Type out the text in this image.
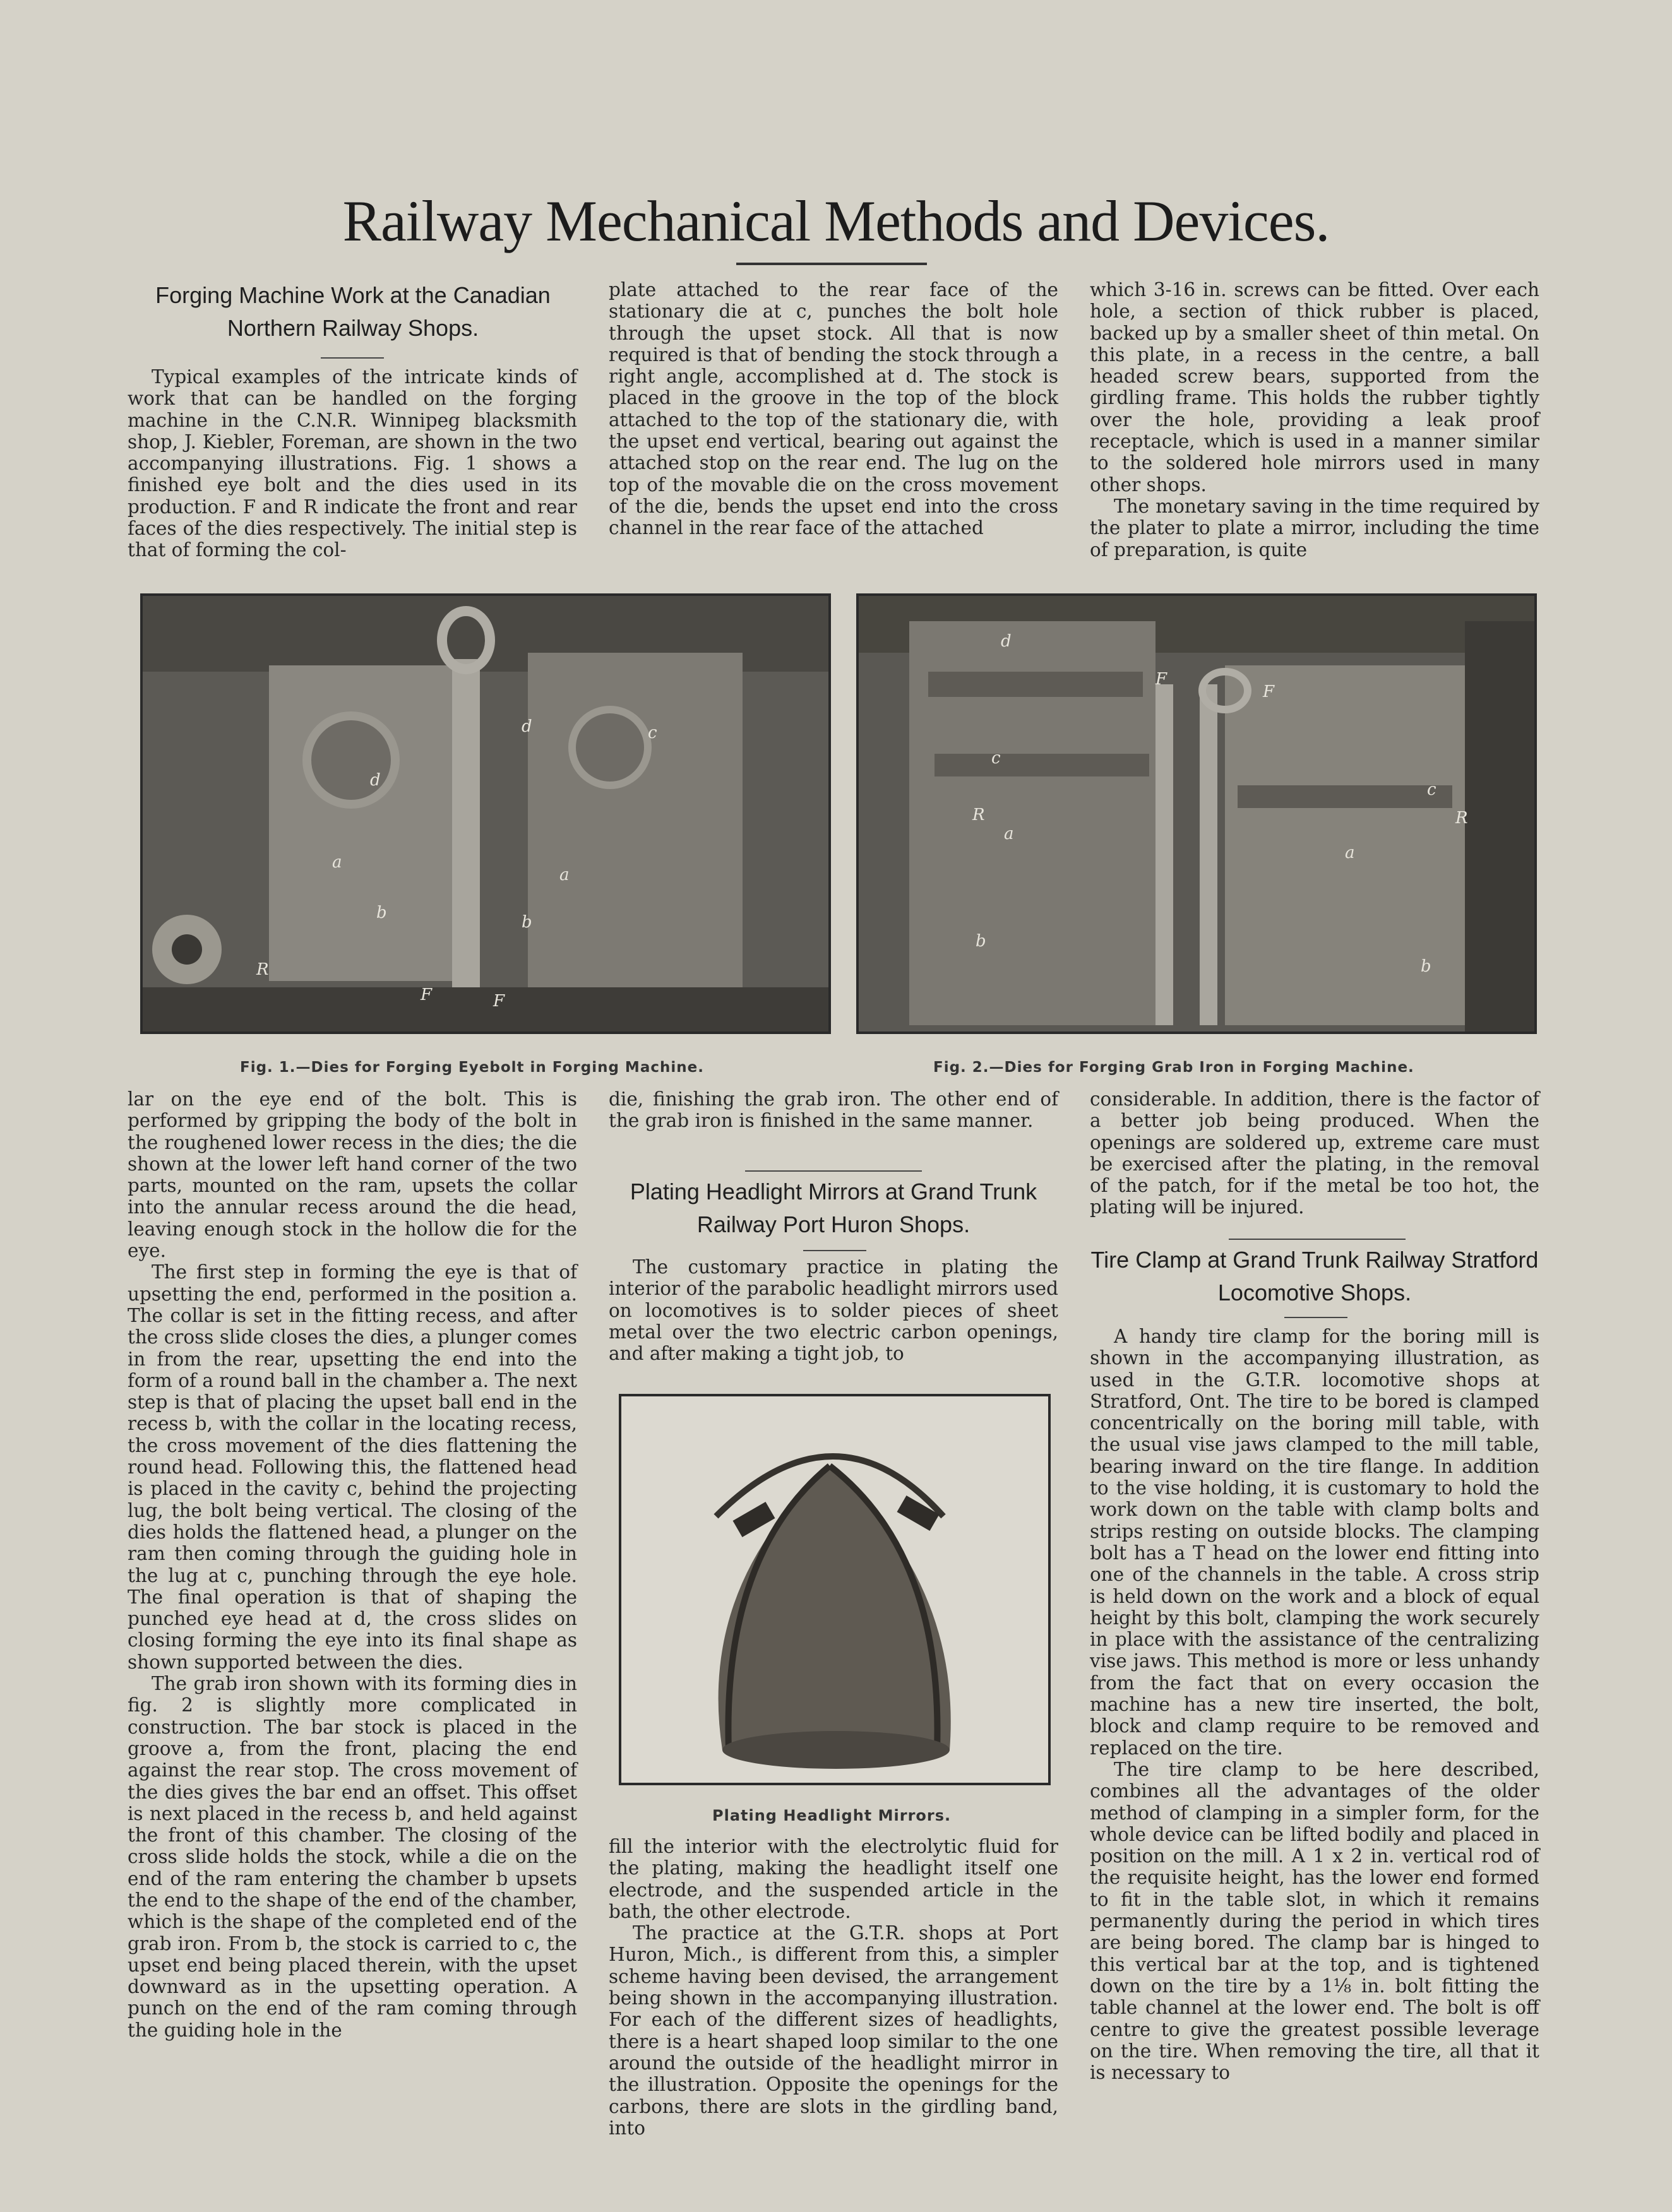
Railway Mechanical Methods and Devices.
Forging Machine Work at the Canadian Northern Railway Shops.

Typical examples of the intricate kinds of work that can be handled on the forging machine in the C.N.R. Winnipeg blacksmith shop, J. Kiebler, Foreman, are shown in the two accompanying illustrations. Fig. 1 shows a finished eye bolt and the dies used in its production. F and R indicate the front and rear faces of the dies respectively. The initial step is that of forming the col-

plate attached to the rear face of the stationary die at c, punches the bolt hole through the upset stock. All that is now required is that of bending the stock through a right angle, accomplished at d. The stock is placed in the groove in the top of the block attached to the top of the stationary die, with the upset end vertical, bearing out against the attached stop on the rear end. The lug on the top of the movable die on the cross movement of the die, bends the upset end into the cross channel in the rear face of the attached

which 3-16 in. screws can be fitted. Over each hole, a section of thick rubber is placed, backed up by a smaller sheet of thin metal. On this plate, in a recess in the centre, a ball headed screw bears, supported from the girdling frame. This holds the rubber tightly over the hole, providing a leak proof receptacle, which is used in a manner similar to the soldered hole mirrors used in many other shops.

The monetary saving in the time required by the plater to plate a mirror, including the time of preparation, is quite

d	c
d
a
a
b	b
R
F	F
d
F
F
c
c
R	R
a
a
b
b
Fig. 1.—Dies for Forging Eyebolt in Forging Machine.	Fig. 2.—Dies for Forging Grab Iron in Forging Machine.

lar on the eye end of the bolt. This is performed by gripping the body of the bolt in the roughened lower recess in the dies; the die shown at the lower left hand corner of the two parts, mounted on the ram, upsets the collar into the annular recess around the die head, leaving enough stock in the hollow die for the eye.

The first step in forming the eye is that of upsetting the end, performed in the position a. The collar is set in the fitting recess, and after the cross slide closes the dies, a plunger comes in from the rear, upsetting the end into the form of a round ball in the chamber a. The next step is that of placing the upset ball end in the recess b, with the collar in the locating recess, the cross movement of the dies flattening the round head. Following this, the flattened head is placed in the cavity c, behind the projecting lug, the bolt being vertical. The closing of the dies holds the flattened head, a plunger on the ram then coming through the guiding hole in the lug at c, punching through the eye hole. The final operation is that of shaping the punched eye head at d, the cross slides on closing forming the eye into its final shape as shown supported between the dies.

The grab iron shown with its forming dies in fig. 2 is slightly more complicated in construction. The bar stock is placed in the groove a, from the front, placing the end against the rear stop. The cross movement of the dies gives the bar end an offset. This offset is next placed in the recess b, and held against the front of this chamber. The closing of the cross slide holds the stock, while a die on the end of the ram entering the chamber b upsets the end to the shape of the end of the chamber, which is the shape of the completed end of the grab iron. From b, the stock is carried to c, the upset end being placed therein, with the upset downward as in the upsetting operation. A punch on the end of the ram coming through the guiding hole in the

die, finishing the grab iron. The other end of the grab iron is finished in the same manner.

Plating Headlight Mirrors at Grand Trunk Railway Port Huron Shops.

The customary practice in plating the interior of the parabolic headlight mirrors used on locomotives is to solder pieces of sheet metal over the two electric carbon openings, and after making a tight job, to

Plating Headlight Mirrors.

fill the interior with the electrolytic fluid for the plating, making the headlight itself one electrode, and the suspended article in the bath, the other electrode.

The practice at the G.T.R. shops at Port Huron, Mich., is different from this, a simpler scheme having been devised, the arrangement being shown in the accompanying illustration. For each of the different sizes of headlights, there is a heart shaped loop similar to the one around the outside of the headlight mirror in the illustration. Opposite the openings for the carbons, there are slots in the girdling band, into

considerable. In addition, there is the factor of a better job being produced. When the openings are soldered up, extreme care must be exercised after the plating, in the removal of the patch, for if the metal be too hot, the plating will be injured.

Tire Clamp at Grand Trunk Railway Stratford Locomotive Shops.

A handy tire clamp for the boring mill is shown in the accompanying illustration, as used in the G.T.R. locomotive shops at Stratford, Ont. The tire to be bored is clamped concentrically on the boring mill table, with the usual vise jaws clamped to the mill table, bearing inward on the tire flange. In addition to the vise holding, it is customary to hold the work down on the table with clamp bolts and strips resting on outside blocks. The clamping bolt has a T head on the lower end fitting into one of the channels in the table. A cross strip is held down on the work and a block of equal height by this bolt, clamping the work securely in place with the assistance of the centralizing vise jaws. This method is more or less unhandy from the fact that on every occasion the machine has a new tire inserted, the bolt, block and clamp require to be removed and replaced on the tire.

The tire clamp to be here described, combines all the advantages of the older method of clamping in a simpler form, for the whole device can be lifted bodily and placed in position on the mill. A 1 x 2 in. vertical rod of the requisite height, has the lower end formed to fit in the table slot, in which it remains permanently during the period in which tires are being bored. The clamp bar is hinged to this vertical bar at the top, and is tightened down on the tire by a 1⅛ in. bolt fitting the table channel at the lower end. The bolt is off centre to give the greatest possible leverage on the tire. When removing the tire, all that it is necessary to
